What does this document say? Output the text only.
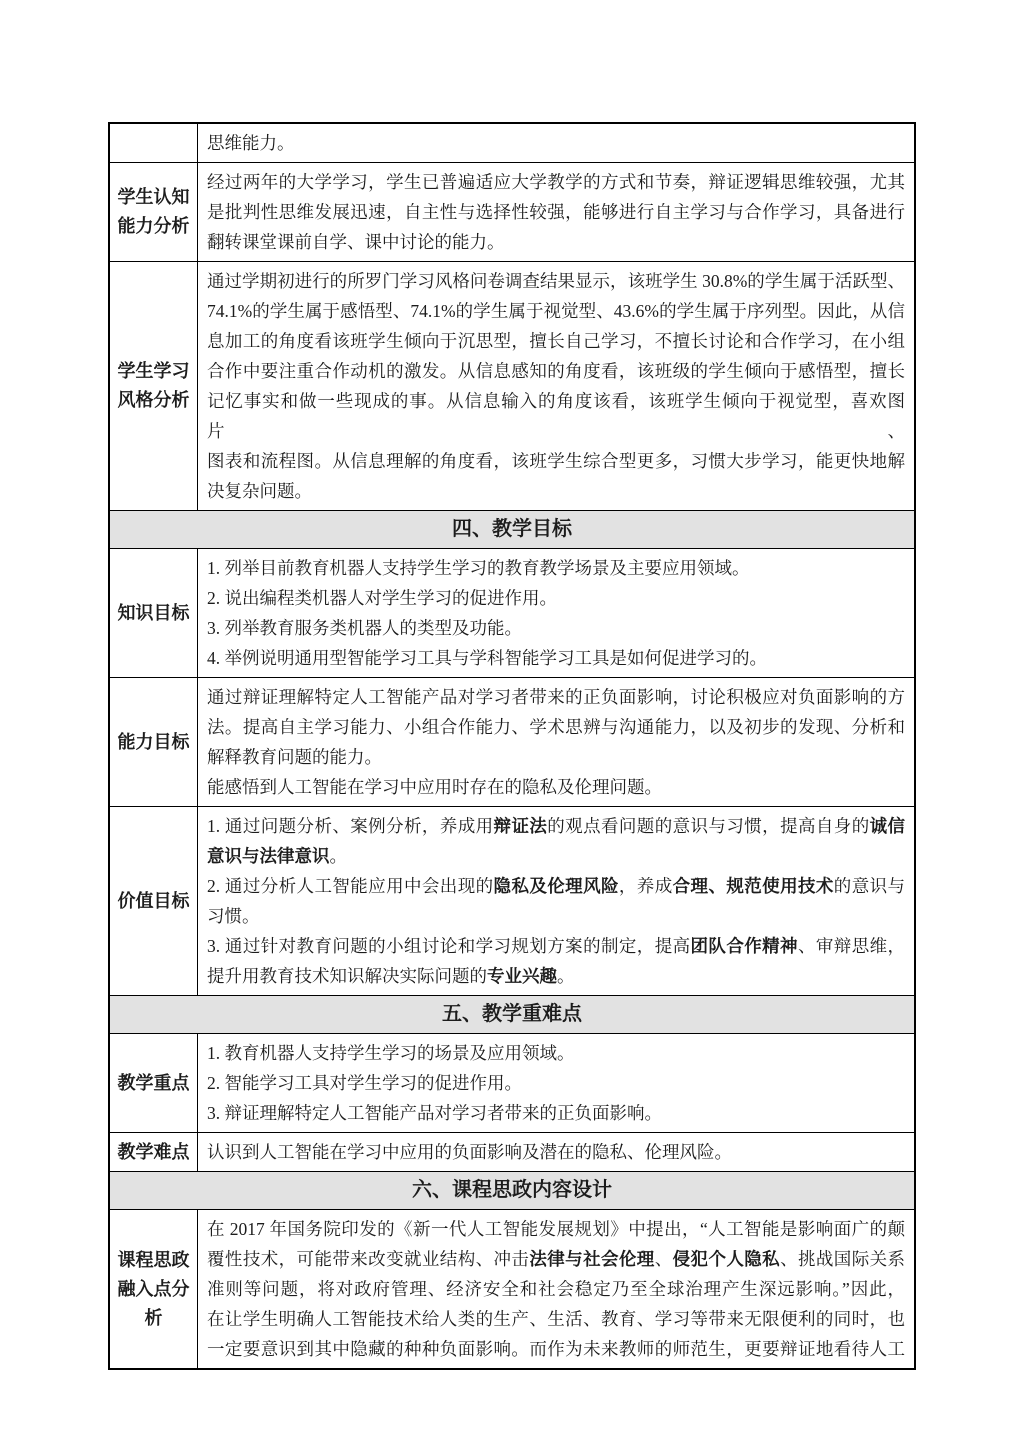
思维能力。
学生认知能力分析
经过两年的大学学习，学生已普遍适应大学教学的方式和节奏，辩证逻辑思维较强，尤其
是批判性思维发展迅速，自主性与选择性较强，能够进行自主学习与合作学习，具备进行
翻转课堂课前自学、课中讨论的能力。
学生学习风格分析
通过学期初进行的所罗门学习风格问卷调查结果显示，该班学生 30.8%的学生属于活跃型、
74.1%的学生属于感悟型、74.1%的学生属于视觉型、43.6%的学生属于序列型。因此，从信
息加工的角度看该班学生倾向于沉思型，擅长自己学习，不擅长讨论和合作学习，在小组
合作中要注重合作动机的激发。从信息感知的角度看，该班级的学生倾向于感悟型，擅长
记忆事实和做一些现成的事。从信息输入的角度该看，该班学生倾向于视觉型，喜欢图片、
图表和流程图。从信息理解的角度看，该班学生综合型更多，习惯大步学习，能更快地解
决复杂问题。
四、教学目标
知识目标
1. 列举目前教育机器人支持学生学习的教育教学场景及主要应用领域。
2. 说出编程类机器人对学生学习的促进作用。
3. 列举教育服务类机器人的类型及功能。
4. 举例说明通用型智能学习工具与学科智能学习工具是如何促进学习的。
能力目标
通过辩证理解特定人工智能产品对学习者带来的正负面影响，讨论积极应对负面影响的方
法。提高自主学习能力、小组合作能力、学术思辨与沟通能力，以及初步的发现、分析和
解释教育问题的能力。
能感悟到人工智能在学习中应用时存在的隐私及伦理问题。
价值目标
1. 通过问题分析、案例分析，养成用辩证法的观点看问题的意识与习惯，提高自身的诚信
意识与法律意识。
2. 通过分析人工智能应用中会出现的隐私及伦理风险，养成合理、规范使用技术的意识与
习惯。
3. 通过针对教育问题的小组讨论和学习规划方案的制定，提高团队合作精神、审辩思维，
提升用教育技术知识解决实际问题的专业兴趣。
五、教学重难点
教学重点
1. 教育机器人支持学生学习的场景及应用领域。
2. 智能学习工具对学生学习的促进作用。
3. 辩证理解特定人工智能产品对学习者带来的正负面影响。
教学难点	认识到人工智能在学习中应用的负面影响及潜在的隐私、伦理风险。
六、课程思政内容设计
课程思政融入点分析
在 2017 年国务院印发的《新一代人工智能发展规划》中提出，“人工智能是影响面广的颠
覆性技术，可能带来改变就业结构、冲击法律与社会伦理、侵犯个人隐私、挑战国际关系
准则等问题，将对政府管理、经济安全和社会稳定乃至全球治理产生深远影响。”因此，
在让学生明确人工智能技术给人类的生产、生活、教育、学习等带来无限便利的同时，也
一定要意识到其中隐藏的种种负面影响。而作为未来教师的师范生，更要辩证地看待人工
